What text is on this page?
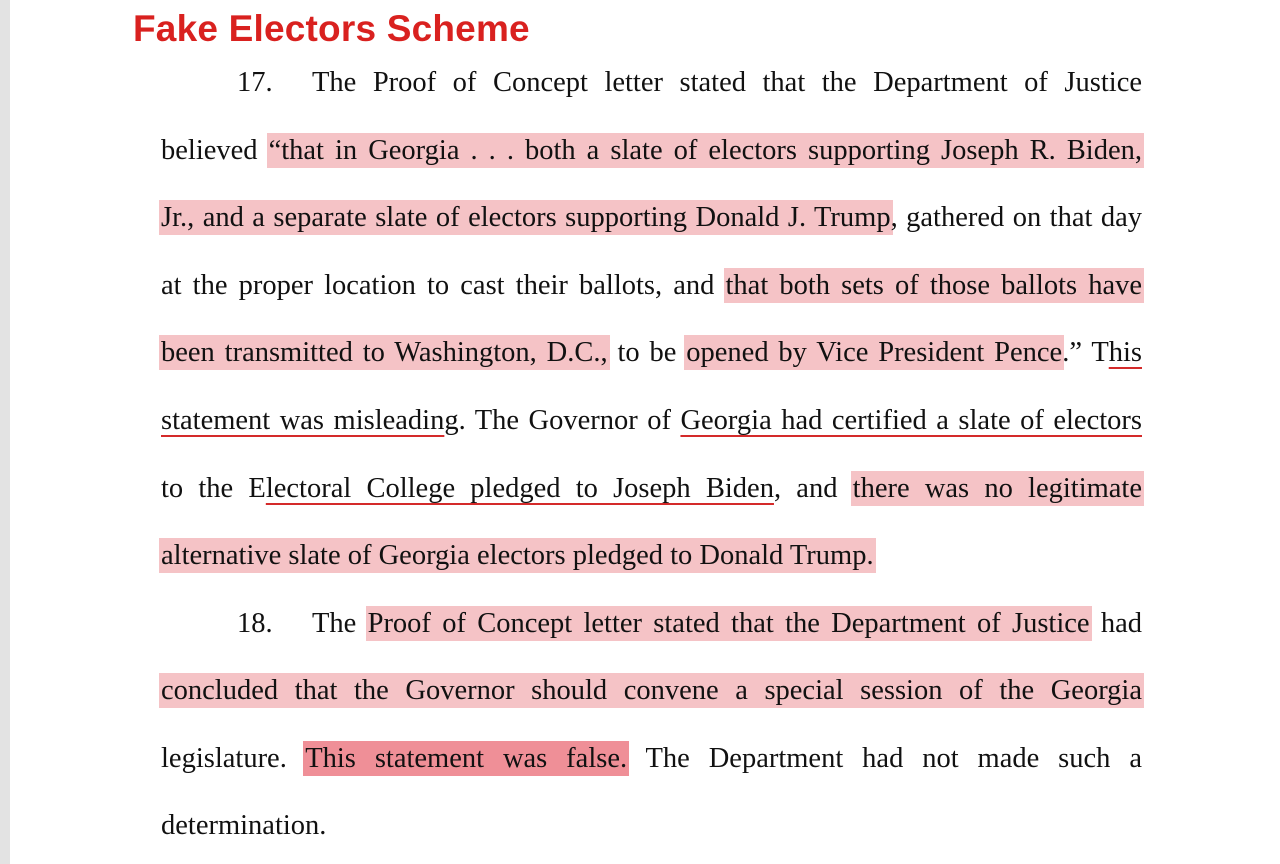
Fake Electors Scheme
17. The Proof of Concept letter stated that the Department of Justice
believed “that in Georgia . . . both a slate of electors supporting Joseph R. Biden,
Jr., and a separate slate of electors supporting Donald J. Trump, gathered on that day
at the proper location to cast their ballots, and that both sets of those ballots have
been transmitted to Washington, D.C., to be opened by Vice President Pence.” This
statement was misleading. The Governor of Georgia had certified a slate of electors
to the Electoral College pledged to Joseph Biden, and there was no legitimate
alternative slate of Georgia electors pledged to Donald Trump.
18. The Proof of Concept letter stated that the Department of Justice had
concluded that the Governor should convene a special session of the Georgia
legislature. This statement was false. The Department had not made such a
determination.
